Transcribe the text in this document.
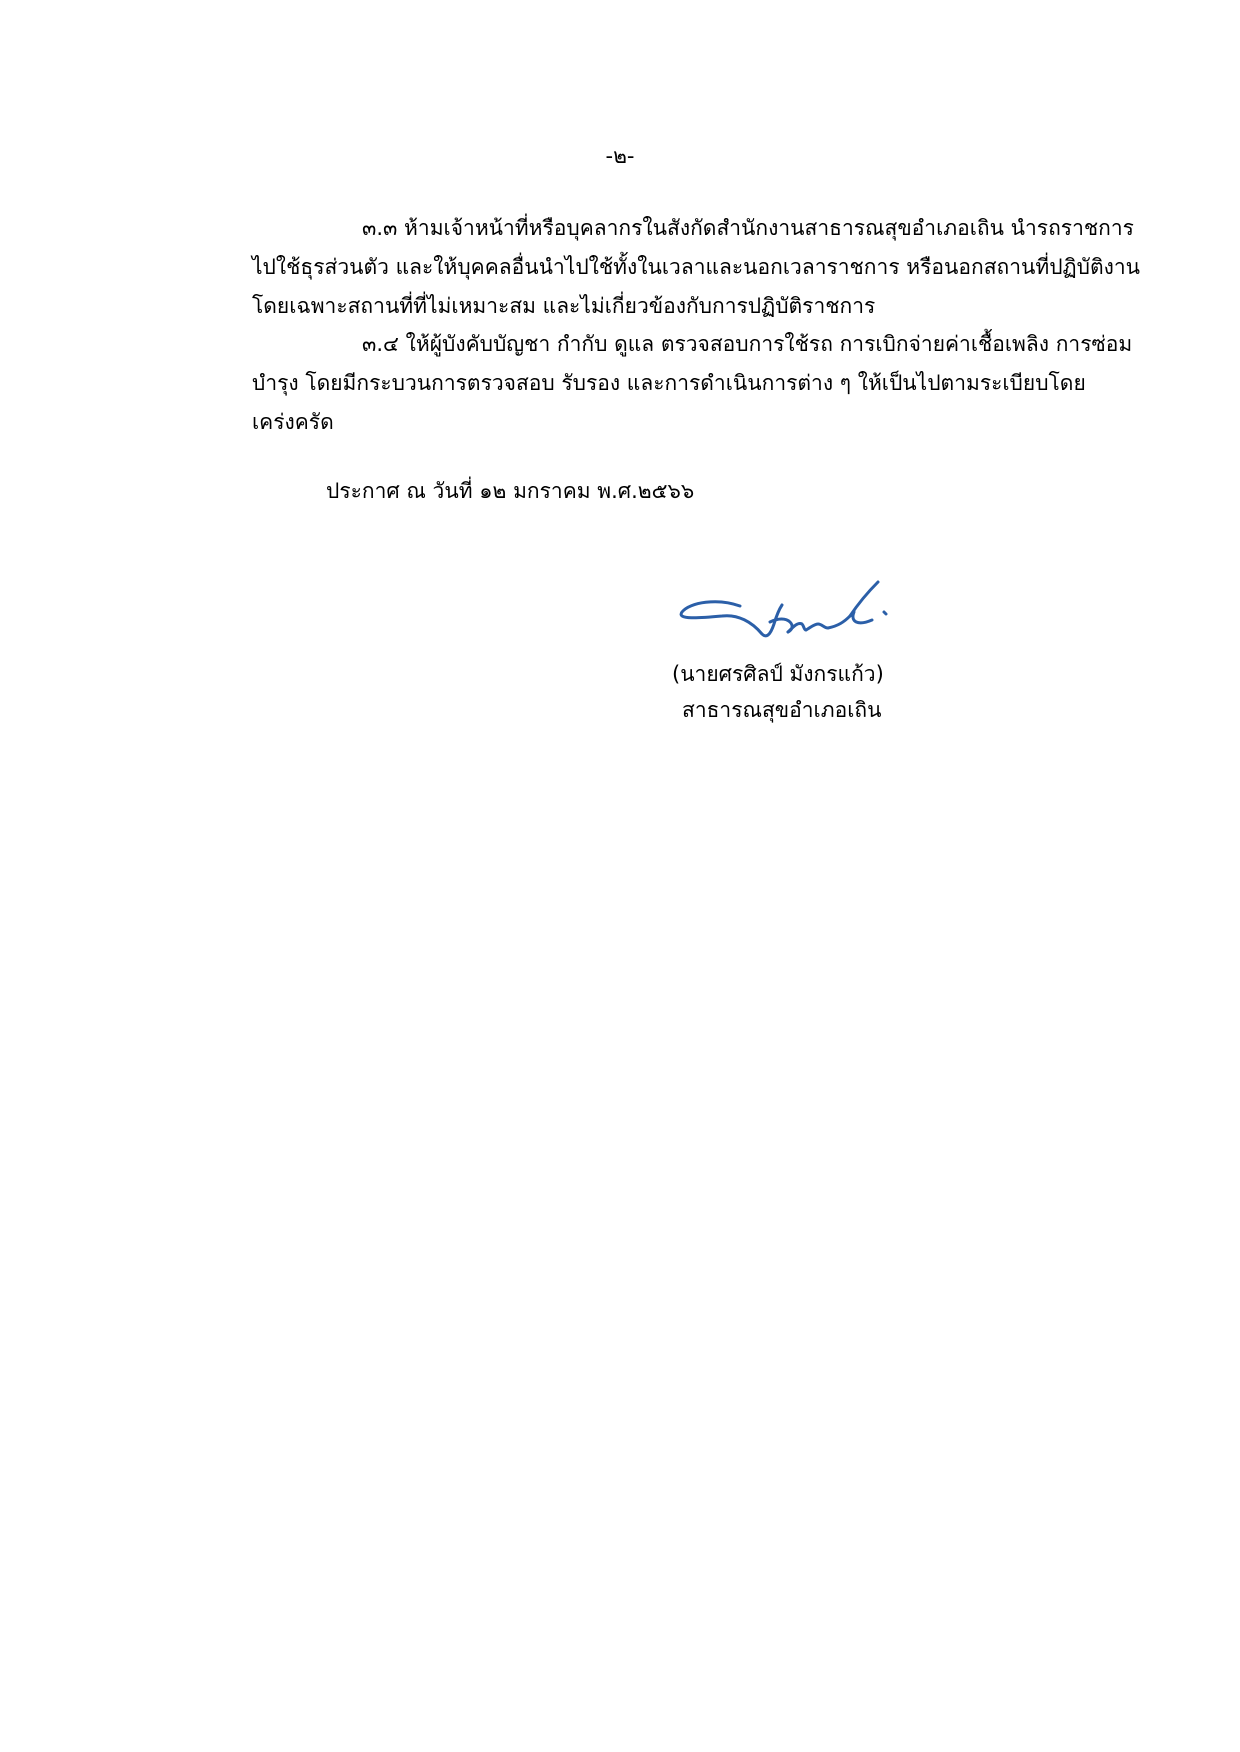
-๒-
๓.๓ ห้ามเจ้าหน้าที่หรือบุคลากรในสังกัดสำนักงานสาธารณสุขอำเภอเถิน นำรถราชการ
ไปใช้ธุรส่วนตัว และให้บุคคลอื่นนำไปใช้ทั้งในเวลาและนอกเวลาราชการ หรือนอกสถานที่ปฏิบัติงาน
โดยเฉพาะสถานที่ที่ไม่เหมาะสม และไม่เกี่ยวข้องกับการปฏิบัติราชการ
๓.๔ ให้ผู้บังคับบัญชา กำกับ ดูแล ตรวจสอบการใช้รถ การเบิกจ่ายค่าเชื้อเพลิง การซ่อม
บำรุง โดยมีกระบวนการตรวจสอบ รับรอง และการดำเนินการต่าง ๆ ให้เป็นไปตามระเบียบโดย
เคร่งครัด
ประกาศ ณ วันที่ ๑๒ มกราคม พ.ศ.๒๕๖๖
(นายศรศิลป์ มังกรแก้ว)
สาธารณสุขอำเภอเถิน
